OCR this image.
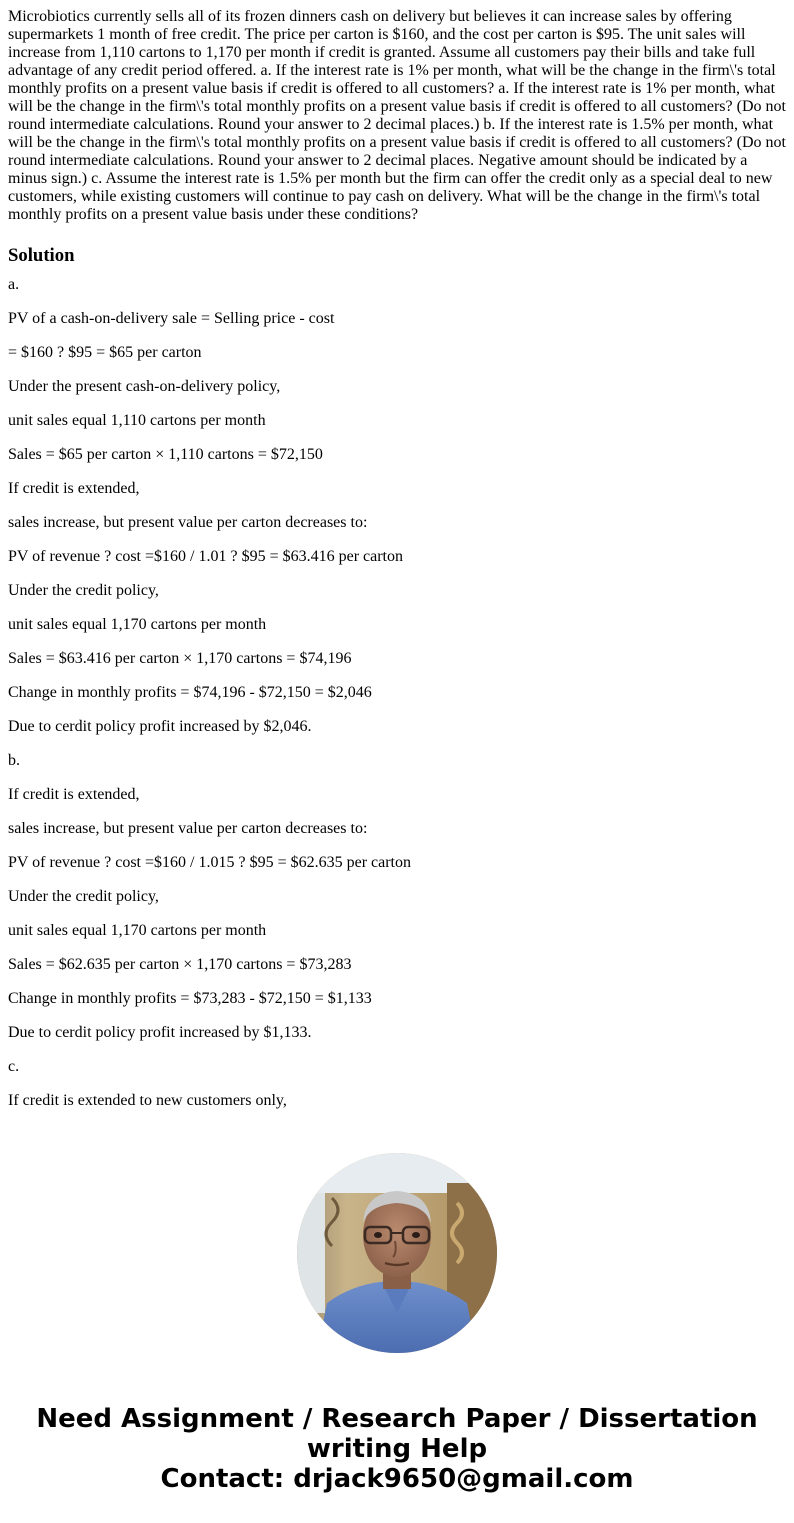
Microbiotics currently sells all of its frozen dinners cash on delivery but believes it can increase sales by offering supermarkets 1 month of free credit. The price per carton is $160, and the cost per carton is $95. The unit sales will increase from 1,110 cartons to 1,170 per month if credit is granted. Assume all customers pay their bills and take full advantage of any credit period offered. a. If the interest rate is 1% per month, what will be the change in the firm\'s total monthly profits on a present value basis if credit is offered to all customers? a. If the interest rate is 1% per month, what will be the change in the firm\'s total monthly profits on a present value basis if credit is offered to all customers? (Do not round intermediate calculations. Round your answer to 2 decimal places.) b. If the interest rate is 1.5% per month, what will be the change in the firm\'s total monthly profits on a present value basis if credit is offered to all customers? (Do not round intermediate calculations. Round your answer to 2 decimal places. Negative amount should be indicated by a minus sign.) c. Assume the interest rate is 1.5% per month but the firm can offer the credit only as a special deal to new customers, while existing customers will continue to pay cash on delivery. What will be the change in the firm\'s total monthly profits on a present value basis under these conditions?

Solution

a.

PV of a cash-on-delivery sale = Selling price - cost

= $160 ? $95 = $65 per carton

Under the present cash-on-delivery policy,

unit sales equal 1,110 cartons per month

Sales = $65 per carton × 1,110 cartons = $72,150

If credit is extended,

sales increase, but present value per carton decreases to:

PV of revenue ? cost =$160 / 1.01 ? $95 = $63.416 per carton

Under the credit policy,

unit sales equal 1,170 cartons per month

Sales = $63.416 per carton × 1,170 cartons = $74,196

Change in monthly profits = $74,196 - $72,150 = $2,046

Due to cerdit policy profit increased by $2,046.

b.

If credit is extended,

sales increase, but present value per carton decreases to:

PV of revenue ? cost =$160 / 1.015 ? $95 = $62.635 per carton

Under the credit policy,

unit sales equal 1,170 cartons per month

Sales = $62.635 per carton × 1,170 cartons = $73,283

Change in monthly profits = $73,283 - $72,150 = $1,133

Due to cerdit policy profit increased by $1,133.

c.

If credit is extended to new customers only,

Need Assignment / Research Paper / Dissertation
writing Help
Contact: drjack9650@gmail.com
